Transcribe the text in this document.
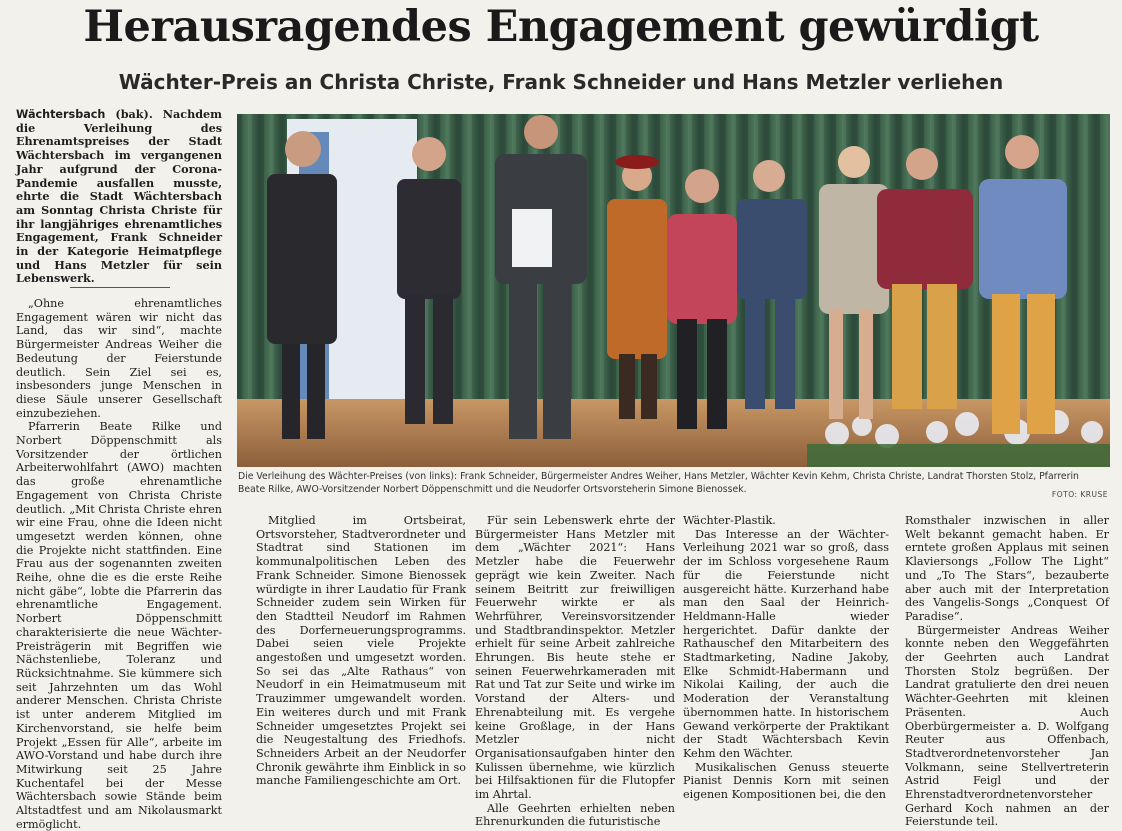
Herausragendes Engagement gewürdigt
Wächter-Preis an Christa Christe, Frank Schneider und Hans Metzler verliehen

Wächtersbach (bak). Nachdem die Verleihung des Ehrenamtspreises der Stadt Wächtersbach im vergangenen Jahr aufgrund der Corona-Pandemie ausfallen musste, ehrte die Stadt Wächtersbach am Sonntag Christa Christe für ihr langjähriges ehrenamtliches Engagement, Frank Schneider in der Kategorie Heimatpflege und Hans Metzler für sein Lebenswerk.

„Ohne ehrenamtliches Engagement wären wir nicht das Land, das wir sind“, machte Bürgermeister Andreas Weiher die Bedeutung der Feierstunde deutlich. Sein Ziel sei es, insbesonders junge Menschen in diese Säule unserer Gesellschaft einzubeziehen.

Pfarrerin Beate Rilke und Norbert Döppenschmitt als Vorsitzender der örtlichen Arbeiterwohlfahrt (AWO) machten das große ehrenamtliche Engagement von Christa Christe deutlich. „Mit Christa Christe ehren wir eine Frau, ohne die Ideen nicht umgesetzt werden können, ohne die Projekte nicht stattfinden. Eine Frau aus der sogenannten zweiten Reihe, ohne die es die erste Reihe nicht gäbe“, lobte die Pfarrerin das ehrenamtliche Engagement. Norbert Döppenschmitt charakterisierte die neue Wächter-Preisträgerin mit Begriffen wie Nächstenliebe, Toleranz und Rücksichtnahme. Sie kümmere sich seit Jahrzehnten um das Wohl anderer Menschen. Christa Christe ist unter anderem Mitglied im Kirchenvorstand, sie helfe beim Projekt „Essen für Alle“, arbeite im AWO-Vorstand und habe durch ihre Mitwirkung seit 25 Jahre Kuchentafel bei der Messe Wächtersbach sowie Stände beim Altstadtfest und am Nikolausmarkt ermöglicht.

Die Verleihung des Wächter-Preises (von links): Frank Schneider, Bürgermeister Andres Weiher, Hans Metzler, Wächter Kevin Kehm, Christa Christe, Landrat Thorsten Stolz, Pfarrerin Beate Rilke, AWO-Vorsitzender Norbert Döppenschmitt und die Neudorfer Ortsvorsteherin Simone Bienossek.	FOTO: KRUSE

Mitglied im Ortsbeirat, Ortsvorsteher, Stadtverordneter und Stadtrat sind Stationen im kommunalpolitischen Leben des Frank Schneider. Simone Bienossek würdigte in ihrer Laudatio für Frank Schneider zudem sein Wirken für den Stadtteil Neudorf im Rahmen des Dorferneuerungsprogramms. Dabei seien viele Projekte angestoßen und umgesetzt worden. So sei das „Alte Rathaus“ von Neudorf in ein Heimatmuseum mit Trauzimmer umgewandelt worden. Ein weiteres durch und mit Frank Schneider umgesetztes Projekt sei die Neugestaltung des Friedhofs. Schneiders Arbeit an der Neudorfer Chronik gewährte ihm Einblick in so manche Familiengeschichte am Ort.

Für sein Lebenswerk ehrte der Bürgermeister Hans Metzler mit dem „Wächter 2021“: Hans Metzler habe die Feuerwehr geprägt wie kein Zweiter. Nach seinem Beitritt zur freiwilligen Feuerwehr wirkte er als Wehrführer, Vereinsvorsitzender und Stadtbrandinspektor. Metzler erhielt für seine Arbeit zahlreiche Ehrungen. Bis heute stehe er seinen Feuerwehrkameraden mit Rat und Tat zur Seite und wirke im Vorstand der Alters- und Ehrenabteilung mit. Es vergehe keine Großlage, in der Hans Metzler nicht Organisationsaufgaben hinter den Kulissen übernehme, wie kürzlich bei Hilfsaktionen für die Flutopfer im Ahrtal.

Alle Geehrten erhielten neben Ehrenurkunden die futuristische

Wächter-Plastik.

Das Interesse an der Wächter-Verleihung 2021 war so groß, dass der im Schloss vorgesehene Raum für die Feierstunde nicht ausgereicht hätte. Kurzerhand habe man den Saal der Heinrich-Heldmann-Halle wieder hergerichtet. Dafür dankte der Rathauschef den Mitarbeitern des Stadtmarketing, Nadine Jakoby, Elke Schmidt-Habermann und Nikolai Kailing, der auch die Moderation der Veranstaltung übernommen hatte. In historischem Gewand verkörperte der Praktikant der Stadt Wächtersbach Kevin Kehm den Wächter.

Musikalischen Genuss steuerte Pianist Dennis Korn mit seinen eigenen Kompositionen bei, die den

Romsthaler inzwischen in aller Welt bekannt gemacht haben. Er erntete großen Applaus mit seinen Klaviersongs „Follow The Light“ und „To The Stars“, bezauberte aber auch mit der Interpretation des Vangelis-Songs „Conquest Of Paradise“.

Bürgermeister Andreas Weiher konnte neben den Weggefährten der Geehrten auch Landrat Thorsten Stolz begrüßen. Der Landrat gratulierte den drei neuen Wächter-Geehrten mit kleinen Präsenten. Auch Oberbürgermeister a. D. Wolfgang Reuter aus Offenbach, Stadtverordnetenvorsteher Jan Volkmann, seine Stellvertreterin Astrid Feigl und der Ehrenstadtverordnetenvorsteher Gerhard Koch nahmen an der Feierstunde teil.
